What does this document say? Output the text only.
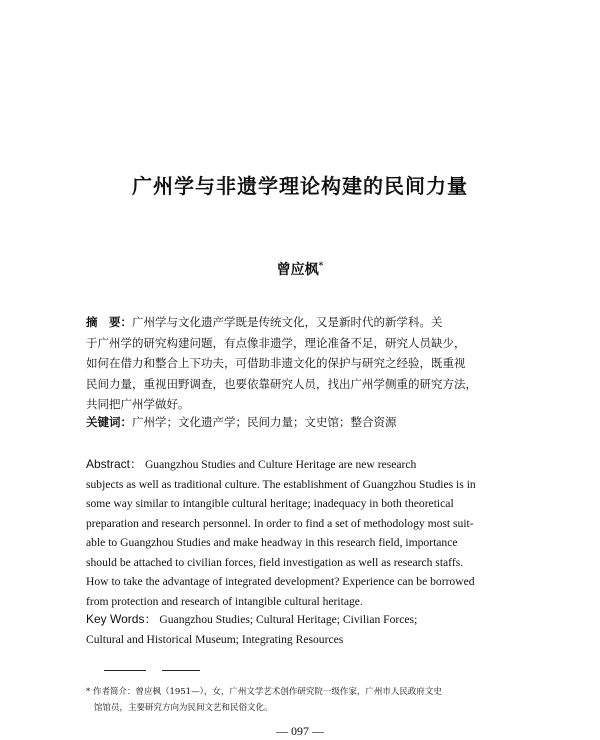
广州学与非遗学理论构建的民间力量
曾应枫*
摘　要：广州学与文化遗产学既是传统文化，又是新时代的新学科。关
于广州学的研究构建问题，有点像非遗学，理论准备不足，研究人员缺少，
如何在借力和整合上下功夫，可借助非遗文化的保护与研究之经验，既重视
民间力量，重视田野调查，也要依靠研究人员，找出广州学侧重的研究方法，
共同把广州学做好。
关键词：广州学；文化遗产学；民间力量；文史馆；整合资源
Abstract： Guangzhou Studies and Culture Heritage are new research
subjects as well as traditional culture. The establishment of Guangzhou Studies is in
some way similar to intangible cultural heritage; inadequacy in both theoretical
preparation and research personnel. In order to find a set of methodology most suit-
able to Guangzhou Studies and make headway in this research field, importance
should be attached to civilian forces, field investigation as well as research staffs.
How to take the advantage of integrated development? Experience can be borrowed
from protection and research of intangible cultural heritage.
Key Words： Guangzhou Studies; Cultural Heritage; Civilian Forces;
Cultural and Historical Museum; Integrating Resources
* 作者简介：曾应枫（1951—），女，广州文学艺术创作研究院一级作家，广州市人民政府文史
馆馆员，主要研究方向为民间文艺和民俗文化。
— 097 —
